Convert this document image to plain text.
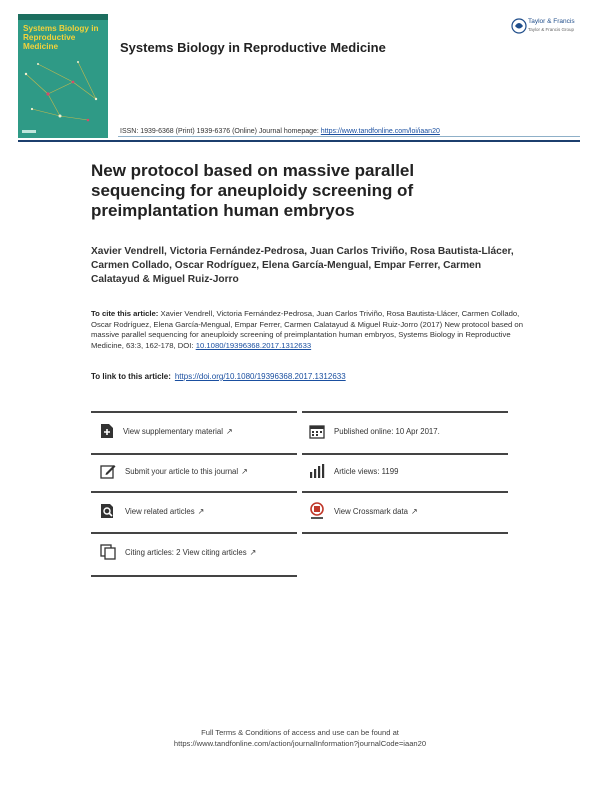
Systems Biology in Reproductive Medicine
Taylor & Francis
Taylor & Francis Group
Systems Biology in Reproductive Medicine
ISSN: 1939-6368 (Print) 1939-6376 (Online) Journal homepage: https://www.tandfonline.com/loi/iaan20
New protocol based on massive parallel sequencing for aneuploidy screening of preimplantation human embryos
Xavier Vendrell, Victoria Fernández-Pedrosa, Juan Carlos Triviño, Rosa Bautista-Llácer, Carmen Collado, Oscar Rodríguez, Elena García-Mengual, Empar Ferrer, Carmen Calatayud & Miguel Ruiz-Jorro
To cite this article: Xavier Vendrell, Victoria Fernández-Pedrosa, Juan Carlos Triviño, Rosa Bautista-Llácer, Carmen Collado, Oscar Rodríguez, Elena García-Mengual, Empar Ferrer, Carmen Calatayud & Miguel Ruiz-Jorro (2017) New protocol based on massive parallel sequencing for aneuploidy screening of preimplantation human embryos, Systems Biology in Reproductive Medicine, 63:3, 162-178, DOI: 10.1080/19396368.2017.1312633
To link to this article: https://doi.org/10.1080/19396368.2017.1312633
View supplementary material ↗	Published online: 10 Apr 2017.
Submit your article to this journal ↗	Article views: 1199
View related articles ↗	View Crossmark data ↗
Citing articles: 2 View citing articles ↗
Full Terms & Conditions of access and use can be found at
https://www.tandfonline.com/action/journalInformation?journalCode=iaan20
